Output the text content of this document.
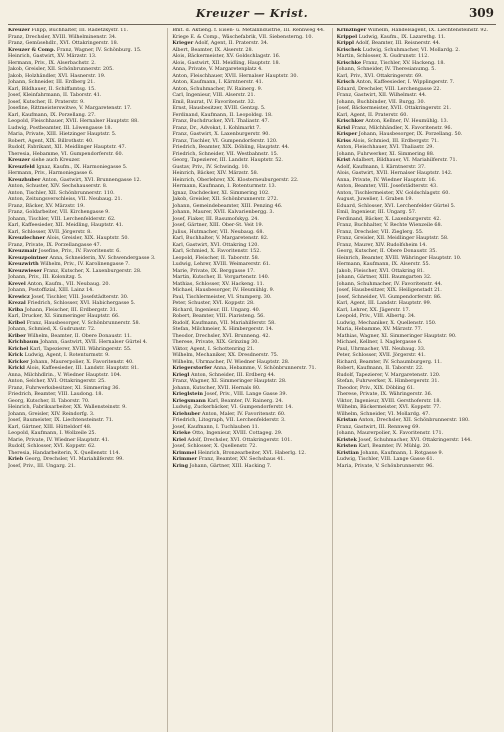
Kreuzer — Krist.	309
Kreuzer Filipp, Buchhalter, III. Radetzkystr. 11.
Franz, Drechsler, XVIII. Wilhelminenstr. 34.
Franz, Gemüsehdlr., XVI. Ottakringerstr. 18.
Kreuzer & Comp. Franz, Wagner, IV. Schönburg. 15.
Heinrich, Gastwirt, XV. Märzstr. 13.
Hermann, Priv., IX. Alserbachstr. 2.
Jakob, Greisler, XII. Schönbrunnerstr. 205.
Jakob, Holzhändler, XVI. Hasnerstr. 19.
Johann, Schneider, III. Erdberg 21.
Karl, Bildhauer, II. Schiffamtsg. 15.
Josef, Kleinfahrmann, II. Taborstr. 41.
Josef, Kutscher, II. Praterstr. 9.
Josefine, Rittmeisterswitwe, V. Margaretenstr. 17.
Karl, Kaufmann, IX. Porzellang. 27.
Leopold, Fleischhauer, XVII. Hernalser Hauptstr. 88.
Ludwig, Postbeamter, III. Löwengasse 18.
Maria, Private, XIII. Hietzinger Hauptstr. 5.
Robert, Agent, XIX. Billrothstr. 40.
Rudolf, Fabrikant, XII. Meidlinger Hauptstr. 47.
Theresia, Hebamme, VI. Gumpendorferstr. 60.
Kreuzer siehe auch Kreuzer.
Kreuzfeld Ignaz, Kaufm., IX. Harmoniegasse 5.
Hermann, Priv., Harmoniegasse 6.
Kreuzhuber Anton, Gastwirt, XVI. Brunnengasse 12.
Anton, Schuster, XIV. Sechshauserstr. 8.
Anton, Tischler, XII. Schönbrunnerstr. 110.
Anton, Zeitungsverschleiss, VII. Neubaug. 21.
Franz, Bäcker, XV. Märzstr. 19.
Franz, Goldarbeiter, VII. Kirchengasse 9.
Johann, Tischler, VIII. Lerchenfelderstr. 62.
Karl, Kaffeesieder, XII. Meidling, Hauptstr. 41.
Karl, Schlosser, XVII. Jörgerstr. 8.
Kreuzlechner Alois, Greisler, XIX. Hauptstr. 50.
Franz, Private, IX. Porzellangasse 47.
Kreuzmair Josefine, Priv., IV. Favoritenstr. 6.
Kreuzpointner Anna, Schneiderin, XV. Schwendergasse 3.
Kreuzwirth Wilhelm, Priv., IV. Karolinengasse 7.
Kreuzwieser Franz, Kutscher, X. Laxenburgerstr. 28.
Johann, Priv., III. Kolonitzg. 5.
Krevel Anton, Kaufm., VII. Neubaug. 20.
Johann, Postoffizial, XIII. Lainz 14.
Krewicz Josef, Tischler, VIII. Josefstädterstr. 30.
Krezal Friedrich, Schlosser, XVI. Habichergasse 5.
Kriba Johann, Fleischer, III. Erdbergstr. 31.
Karl, Drucker, XI. Simmeringer Hauptstr. 66.
Kribel Franz, Hausbesorger, V. Schönbrunnerstr. 58.
Johann, Schmied, X. Gudrunstr. 72.
Kriber Wilhelm, Beamter, II. Obere Donaustr. 11.
Krichbaum Johann, Gastwirt, XVII. Hernalser Gürtel 4.
Krichel Karl, Tapezierer, XVIII. Währingerstr. 55.
Krick Ludwig, Agent, I. Rotenturmstr. 9.
Kricker Johann, Maurerpolier, X. Favoritenstr. 40.
Krickl Alois, Kaffeesieder, III. Landstr. Hauptstr. 81.
Anna, Milchhdlrin., V. Wiedner Hauptstr. 104.
Anton, Selcher, XVI. Ottakringerstr. 25.
Franz, Fuhrwerksbesitzer, XI. Simmering 36.
Friedrich, Beamter, VIII. Laudong. 18.
Georg, Kutscher, II. Taborstr. 70.
Heinrich, Fabriksarbeiter, XX. Wallensteinstr. 9.
Johann, Greisler, XIV. Reindorfg. 3.
Josef, Baumeister, IX. Liechtensteinstr. 71.
Karl, Gärtner, XIII. Hütteldorf 48.
Leopold, Kaufmann, I. Wollzeile 25.
Marie, Private, IV. Wiedner Hauptstr. 41.
Rudolf, Schlosser, XVI. Koppstr. 62.
Theresia, Handarbeiterin, X. Quellenstr. 114.
Krieb Georg, Drechsler, VI. Mariahilferstr. 99.
Josef, Priv., III. Ungarg. 21.
Bmt. d. Aktieng. f. Eisen- u. Metallindustrie, III. Rennweg 44.
Kriege E. & Comp., Wäschefabrik, VII. Siebensterng. 10.
Krieger Adolf, Agent, II. Praterstr. 34.
Albert, Beamter, IX. Alserstr. 28.
Alois, Bäckermeister, XV. Goldschlagstr. 16.
Alois, Gastwirt, XII. Meidling, Hauptstr. 18.
Anna, Private, V. Margaretenplatz 4.
Anton, Fleischhauer, XVII. Hernalser Hauptstr. 30.
Anton, Kaufmann, I. Kärntnerstr. 41.
Anton, Schuhmacher, IV. Rainerg. 9.
Carl, Ingenieur, VIII. Alserstr. 21.
Emil, Baurat, IV. Favoritenstr. 32.
Ernst, Hausbesitzer, XVIII. Gentzg. 5.
Ferdinand, Kaufmann, II. Leopoldsg. 18.
Franz, Buchdrucker, XVI. Thaliastr. 47.
Franz, Dr., Advokat, I. Kohlmarkt 7.
Franz, Gastwirt, X. Laxenburgerstr. 90.
Franz, Tischler, VI. Gumpendorferstr. 120.
Friedrich, Beamter, XIX. Döbling, Hauptstr. 44.
Friedrich, Schneider, VII. Westbahnstr. 15.
Georg, Tapezierer, III. Landstr. Hauptstr. 52.
Gustav, Priv., IV. Schwindg. 10.
Heinrich, Bäcker, XIV. Märzstr. 58.
Heinrich, Oberlehrer, XX. Klosterneuburgerstr. 22.
Hermann, Kaufmann, I. Rotenturmstr. 13.
Ignaz, Dachdecker, XI. Simmering 102.
Jakob, Greisler, XII. Schönbrunnerstr. 272.
Johann, Gemeindebeamter, XIII. Penzing 46.
Johann, Maurer, XVII. Kalvarienbergg. 3.
Josef, Fiaker, III. Rasumofskyg. 24.
Josef, Gärtner, XIII. Ober-St. Veit 19.
Julius, Hutmacher, VII. Neubaug. 68.
Karl, Buchhalter, V. Margaretenstr. 82.
Karl, Gastwirt, XVI. Ottakring 120.
Karl, Schmied, X. Favoritenstr. 152.
Leopold, Fleischer, II. Taborstr. 58.
Ludwig, Lehrer, XVIII. Weimarerstr. 61.
Marie, Private, IX. Berggasse 17.
Martin, Kutscher, II. Vorgartenstr. 140.
Mathias, Schlosser, XV. Hackeng. 11.
Michael, Hausbesorger, IV. Heumühlg. 9.
Paul, Tischlermeister, VI. Stumperg. 30.
Peter, Schuster, XVI. Koppstr. 28.
Richard, Ingenieur, III. Ungarg. 40.
Robert, Beamter, VIII. Piaristeng. 56.
Rudolf, Kaufmann, VII. Mariahilferstr. 58.
Stefan, Milchmeier, X. Himbergerstr. 14.
Theodor, Drechsler, XVI. Brunneng. 42.
Therese, Private, XIX. Grinzing 30.
Viktor, Agent, I. Schottenring 21.
Wilhelm, Mechaniker, XX. Dresdnerstr. 75.
Wilhelm, Uhrmacher, IV. Wiedner Hauptstr. 28.
Kriegerstorfer Anna, Hebamme, V. Schönbrunnerstr. 71.
Kriegl Anton, Schneider, III. Erdberg 44.
Franz, Wagner, XI. Simmeringer Hauptstr. 28.
Johann, Kutscher, XVII. Hernals 80.
Krieglstein Josef, Priv., VIII. Lange Gasse 39.
Kriegsmann Karl, Beamter, IV. Rainerg. 24.
Ludwig, Zuckerbäcker, VI. Gumpendorferstr. 14.
Kriehuber Anton, Maler, IV. Favoritenstr. 60.
Friedrich, Litograph, VII. Lerchenfelderstr. 3.
Josef, Kaufmann, I. Tuchlauben 11.
Krieke Otto, Ingenieur, XVIII. Cottageg. 29.
Kriel Adolf, Drechsler, XVI. Ottakringerstr. 101.
Josef, Schlosser, X. Quellenstr. 72.
Krimmel Heinrich, Bronzearbeiter, XVI. Haberlg. 12.
Krimmer Franz, Beamter, XV. Sechshaus 41.
Kring Johann, Gärtner, XIII. Hacking 7.
Krinzinger Wilhelm, Handelsagent, IX. Liechtensteinstr. 92.
Krippel Ludwig, Kaufm., IX. Lazarethg. 11.
Krippl Adolf, Beamter, III. Reisnerstr. 44.
Krischek Ludwig, Schuhmacher, VI. Mollardg. 2.
Martin, Schlosser, X. Gudrunstr. 112.
Krischke Franz, Tischler, XV. Hackeng. 18.
Johann, Schneider, IV. Theresianumg. 5.
Karl, Priv., XVI. Ottakringerstr. 69.
Krisch Anton, Kaffeesieder, I. Wipplingerstr. 7.
Eduard, Drechsler, VIII. Lerchengasse 22.
Franz, Gastwirt, XII. Wilhelmstr. 44.
Johann, Buchbinder, VII. Burgg. 30.
Josef, Bäckermeister, XVII. Ottakringerstr. 21.
Karl, Agent, II. Praterstr. 60.
Krischker Anton, Kellner, IV. Heumühlg. 13.
Krisl Franz, Milchhändler, X. Favoritenstr. 96.
Krisper Johann, Hausbesorger, IX. Porzellang. 50.
Kriss Alois, Schmied, III. Erdbergstr. 71.
Anton, Fleischhauer, XVI. Thaliastr. 29.
Johann, Fuhrwerker, XI. Simmering 88.
Krist Adalbert, Bildhauer, VI. Mariahilferstr. 71.
Adolf, Kaufmann, I. Kärntnerstr. 37.
Alois, Gastwirt, XVII. Hernalser Hauptstr. 142.
Anna, Private, IV. Wiedner Hauptstr. 16.
Anton, Beamter, VIII. Josefstädterstr. 43.
Anton, Tischlermeister, XV. Goldschlagstr. 60.
August, Juwelier, I. Graben 19.
Eduard, Schlosser, XVI. Lerchenfelder Gürtel 5.
Emil, Ingenieur, III. Ungarg. 57.
Ferdinand, Bäcker, X. Laxenburgerstr. 42.
Franz, Buchhalter, V. Rechte Wienzeile 68.
Franz, Drechsler, VII. Zieglerg. 55.
Franz, Greisler, XII. Meidlinger Hauptstr. 58.
Franz, Maurer, XIV. Rudolfsheim 14.
Georg, Kutscher, II. Obere Donaustr. 35.
Heinrich, Beamter, XVIII. Währinger Hauptstr. 10.
Hermann, Kaufmann, IX. Alserstr. 55.
Jakob, Fleischer, XVI. Ottakring 81.
Johann, Gärtner, XIII. Baumgarten 32.
Johann, Schuhmacher, IV. Favoritenstr. 44.
Josef, Hausbesitzer, XIX. Heiligenstadt 21.
Josef, Schneider, VI. Gumpendorferstr. 86.
Karl, Agent, III. Landstr. Hauptstr. 99.
Karl, Lehrer, XX. Jägerstr. 17.
Leopold, Priv., VIII. Albertg. 34.
Ludwig, Mechaniker, X. Quellenstr. 150.
Maria, Hebamme, XV. Märzstr. 77.
Mathias, Wagner, XI. Simmeringer Hauptstr. 90.
Michael, Kellner, I. Naglergasse 6.
Paul, Uhrmacher, VII. Neubaug. 33.
Peter, Schlosser, XVII. Jörgerstr. 41.
Richard, Beamter, IV. Schaumburgerg. 11.
Robert, Kaufmann, II. Taborstr. 22.
Rudolf, Tapezierer, V. Margaretenstr. 120.
Stefan, Fuhrwerker, X. Himbergerstr. 31.
Theodor, Priv., XIX. Döbling 61.
Therese, Private, IX. Währingerstr. 36.
Viktor, Ingenieur, XVIII. Gersthoferstr. 18.
Wilhelm, Bäckermeister, XVI. Koppstr. 77.
Wilhelm, Schneider, VI. Mollardg. 47.
Kristan Anton, Drechsler, XII. Schönbrunnerstr. 180.
Franz, Gastwirt, III. Rennweg 69.
Johann, Maurerpolier, X. Favoritenstr. 171.
Kristek Josef, Schuhmacher, XVI. Ottakringerstr. 144.
Kristen Karl, Beamter, IV. Mühlg. 20.
Kristian Johann, Kaufmann, I. Rotgasse 9.
Ludwig, Tischler, VIII. Lange Gasse 61.
Maria, Private, V. Schönbrunnerstr. 96.
